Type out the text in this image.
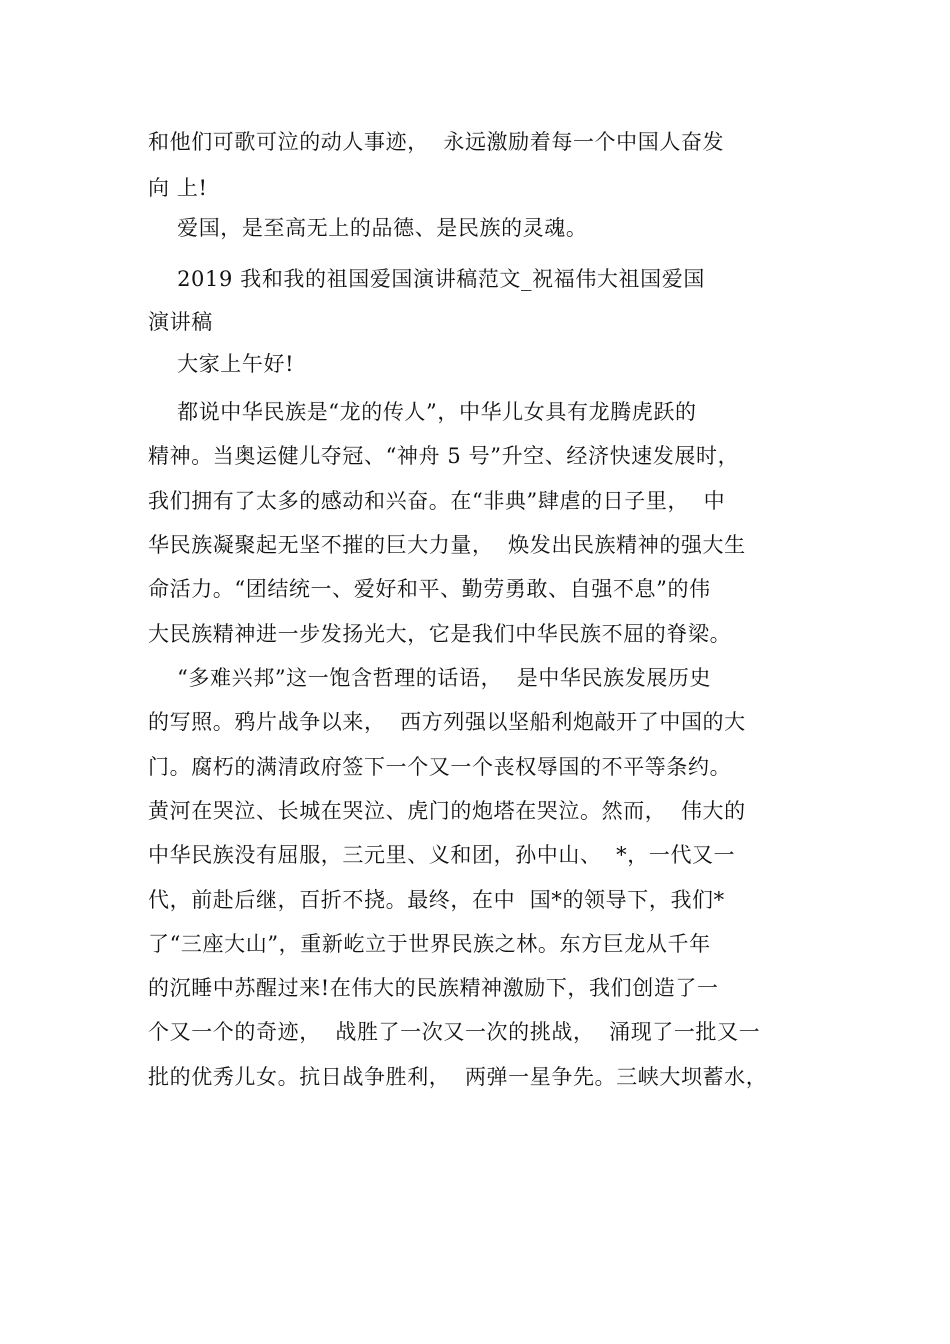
和他们可歌可泣的动人事迹，  永远激励着每一个中国人奋发
向 上!
爱国，是至高无上的品德、是民族的灵魂。
2019 我和我的祖国爱国演讲稿范文_祝福伟大祖国爱国
演讲稿
大家上午好!
都说中华民族是“龙的传人”，中华儿女具有龙腾虎跃的
精神。当奥运健儿夺冠、“神舟 5 号”升空、经济快速发展时，
我们拥有了太多的感动和兴奋。在“非典”肆虐的日子里，  中
华民族凝聚起无坚不摧的巨大力量，  焕发出民族精神的强大生
命活力。“团结统一、爱好和平、勤劳勇敢、自强不息”的伟
大民族精神进一步发扬光大，它是我们中华民族不屈的脊梁。
“多难兴邦”这一饱含哲理的话语，  是中华民族发展历史
的写照。鸦片战争以来，  西方列强以坚船利炮敲开了中国的大
门。腐朽的满清政府签下一个又一个丧权辱国的不平等条约。
黄河在哭泣、长城在哭泣、虎门的炮塔在哭泣。然而，  伟大的
中华民族没有屈服，三元里、义和团，孙中山、  *，一代又一
代，前赴后继，百折不挠。最终，在中  国*的领导下，我们*
了“三座大山”，重新屹立于世界民族之林。东方巨龙从千年
的沉睡中苏醒过来!在伟大的民族精神激励下，我们创造了一
个又一个的奇迹，  战胜了一次又一次的挑战，  涌现了一批又一
批的优秀儿女。抗日战争胜利，  两弹一星争先。三峡大坝蓄水，
